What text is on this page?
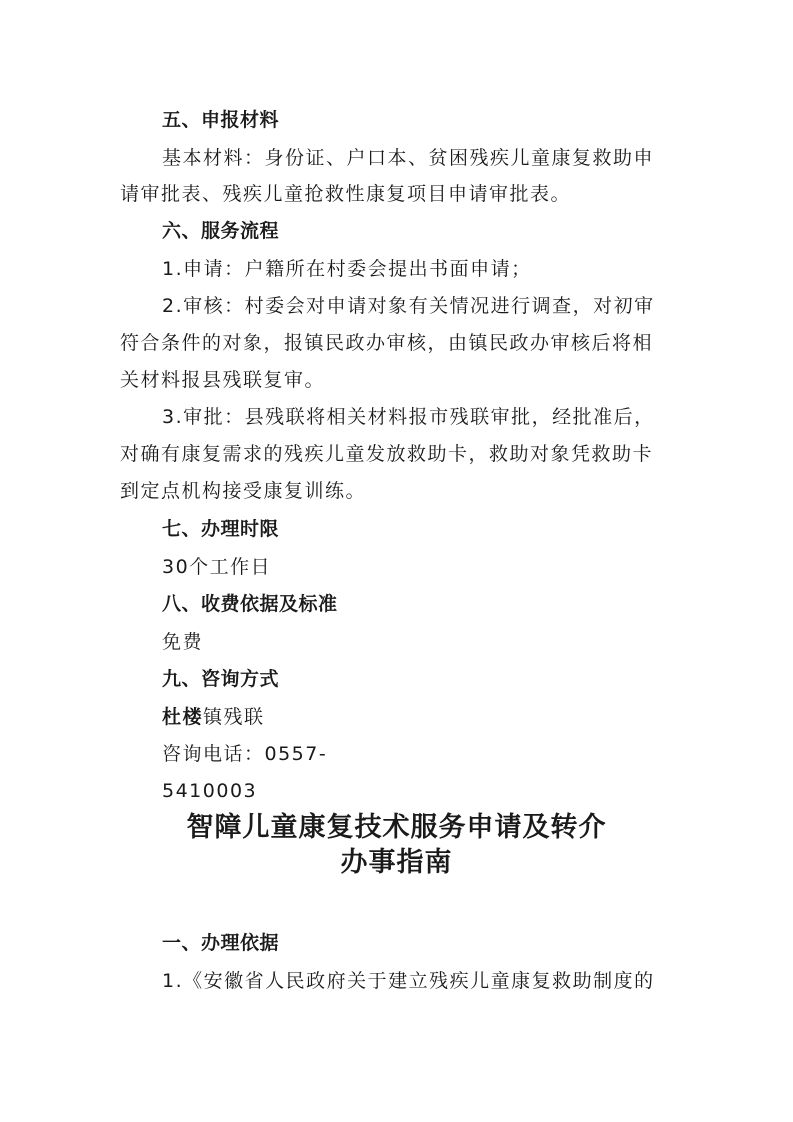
五、申报材料
基本材料：身份证、户口本、贫困残疾儿童康复救助申
请审批表、残疾儿童抢救性康复项目申请审批表。
六、服务流程
1.申请：户籍所在村委会提出书面申请；
2.审核：村委会对申请对象有关情况进行调查，对初审
符合条件的对象，报镇民政办审核，由镇民政办审核后将相
关材料报县残联复审。
3.审批：县残联将相关材料报市残联审批，经批准后，
对确有康复需求的残疾儿童发放救助卡，救助对象凭救助卡
到定点机构接受康复训练。
七、办理时限
30个工作日
八、收费依据及标准
免费
九、咨询方式
杜楼镇残联
咨询电话：0557-
5410003
智障儿童康复技术服务申请及转介
办事指南
一、办理依据
1.《安徽省人民政府关于建立残疾儿童康复救助制度的
